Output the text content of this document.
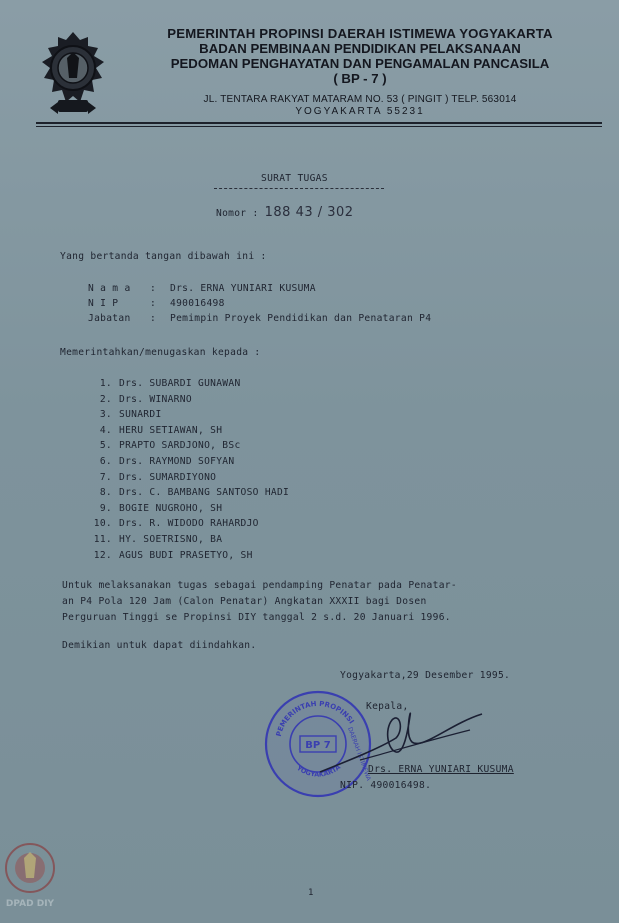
PEMERINTAH PROPINSI DAERAH ISTIMEWA YOGYAKARTA
BADAN PEMBINAAN PENDIDIKAN PELAKSANAAN
PEDOMAN PENGHAYATAN DAN PENGAMALAN PANCASILA
( BP - 7 )
JL. TENTARA RAKYAT MATARAM NO. 53 ( PINGIT ) TELP. 563014
YOGYAKARTA 55231
SURAT TUGAS
Nomor : 188 43 / 302
Yang bertanda tangan dibawah ini :
N a m a	:	Drs. ERNA YUNIARI KUSUMA
N I P	:	490016498
Jabatan	:	Pemimpin Proyek Pendidikan dan Penataran P4
Memerintahkan/menugaskan kepada :
1. Drs. SUBARDI GUNAWAN
2. Drs. WINARNO
3. SUNARDI
4. HERU SETIAWAN, SH
5. PRAPTO SARDJONO, BSc
6. Drs. RAYMOND SOFYAN
7. Drs. SUMARDIYONO
8. Drs. C. BAMBANG SANTOSO HADI
9. BOGIE NUGROHO, SH
10. Drs. R. WIDODO RAHARDJO
11. HY. SOETRISNO, BA
12. AGUS BUDI PRASETYO, SH
Untuk melaksanakan tugas sebagai pendamping Penatar pada Penatar-
an P4 Pola 120 Jam (Calon Penatar) Angkatan XXXII bagi Dosen
Perguruan Tinggi se Propinsi DIY tanggal 2 s.d. 20 Januari 1996.
Demikian untuk dapat diindahkan.
Yogyakarta,29 Desember 1995.
PEMERINTAH PROPINSI
YOGYAKARTA DAERAH ISTIMEWA
BP 7
Kepala,
Drs. ERNA YUNIARI KUSUMA
NIP. 490016498.
1
DPAD DIY
